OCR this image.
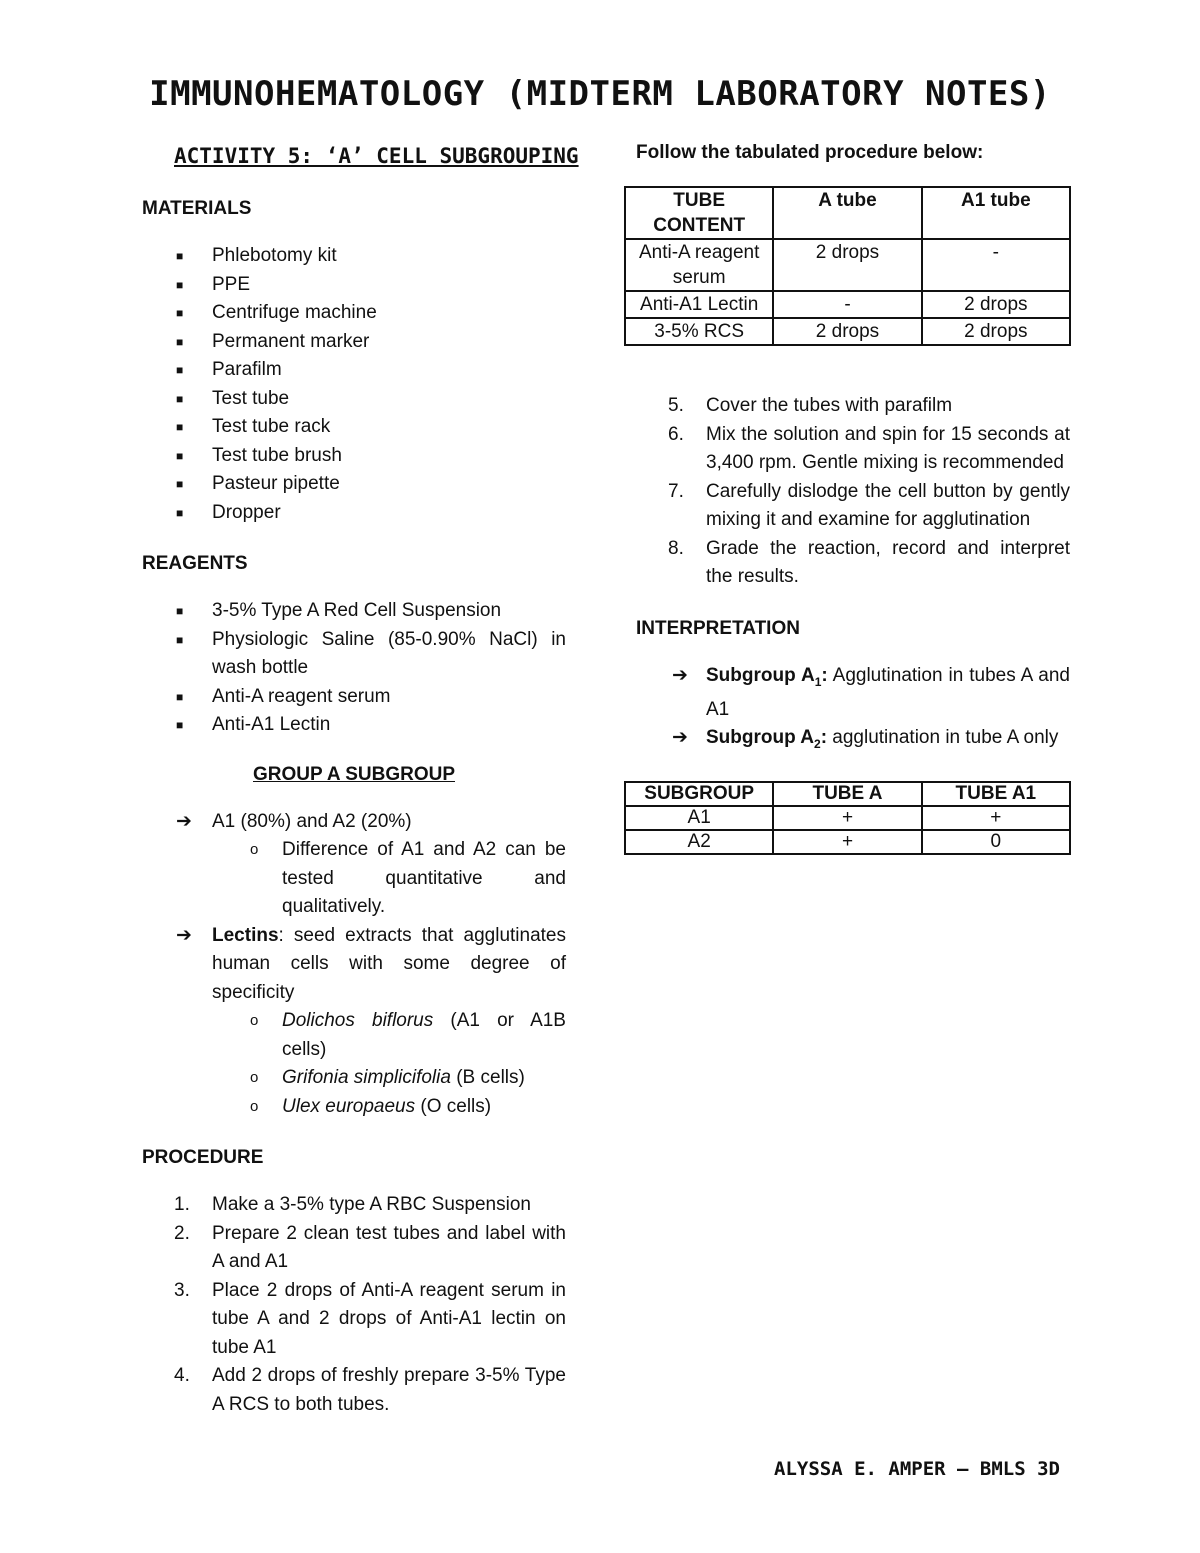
IMMUNOHEMATOLOGY (MIDTERM LABORATORY NOTES)
ACTIVITY 5: ‘A’ CELL SUBGROUPING
MATERIALS
■ Phlebotomy kit
■ PPE
■ Centrifuge machine
■ Permanent marker
■ Parafilm
■ Test tube
■ Test tube rack
■ Test tube brush
■ Pasteur pipette
■ Dropper
REAGENTS
■ 3-5% Type A Red Cell Suspension
■ Physiologic Saline (85-0.90% NaCl) in wash bottle
■ Anti-A reagent serum
■ Anti-A1 Lectin
GROUP A SUBGROUP
➔ A1 (80%) and A2 (20%)
o Difference of A1 and A2 can be tested quantitative and qualitatively.
➔ Lectins: seed extracts that agglutinates human cells with some degree of specificity
o Dolichos biflorus (A1 or A1B cells)
o Grifonia simplicifolia (B cells)
o Ulex europaeus (O cells)
PROCEDURE
1. Make a 3-5% type A RBC Suspension
2. Prepare 2 clean test tubes and label with A and A1
3. Place 2 drops of Anti-A reagent serum in tube A and 2 drops of Anti-A1 lectin on tube A1
4. Add 2 drops of freshly prepare 3-5% Type A RCS to both tubes.
Follow the tabulated procedure below:
TUBE CONTENT	A tube	A1 tube
Anti-A reagent serum	2 drops	-
Anti-A1 Lectin	-	2 drops
3-5% RCS	2 drops	2 drops
5. Cover the tubes with parafilm
6. Mix the solution and spin for 15 seconds at 3,400 rpm. Gentle mixing is recommended
7. Carefully dislodge the cell button by gently mixing it and examine for agglutination
8. Grade the reaction, record and interpret the results.
INTERPRETATION
➔ Subgroup $A_1$: Agglutination in tubes A and A1
➔ Subgroup $A_2$: agglutination in tube A only
SUBGROUP	TUBE A	TUBE A1
A1	+	+
A2	+	0
ALYSSA E. AMPER – BMLS 3D
